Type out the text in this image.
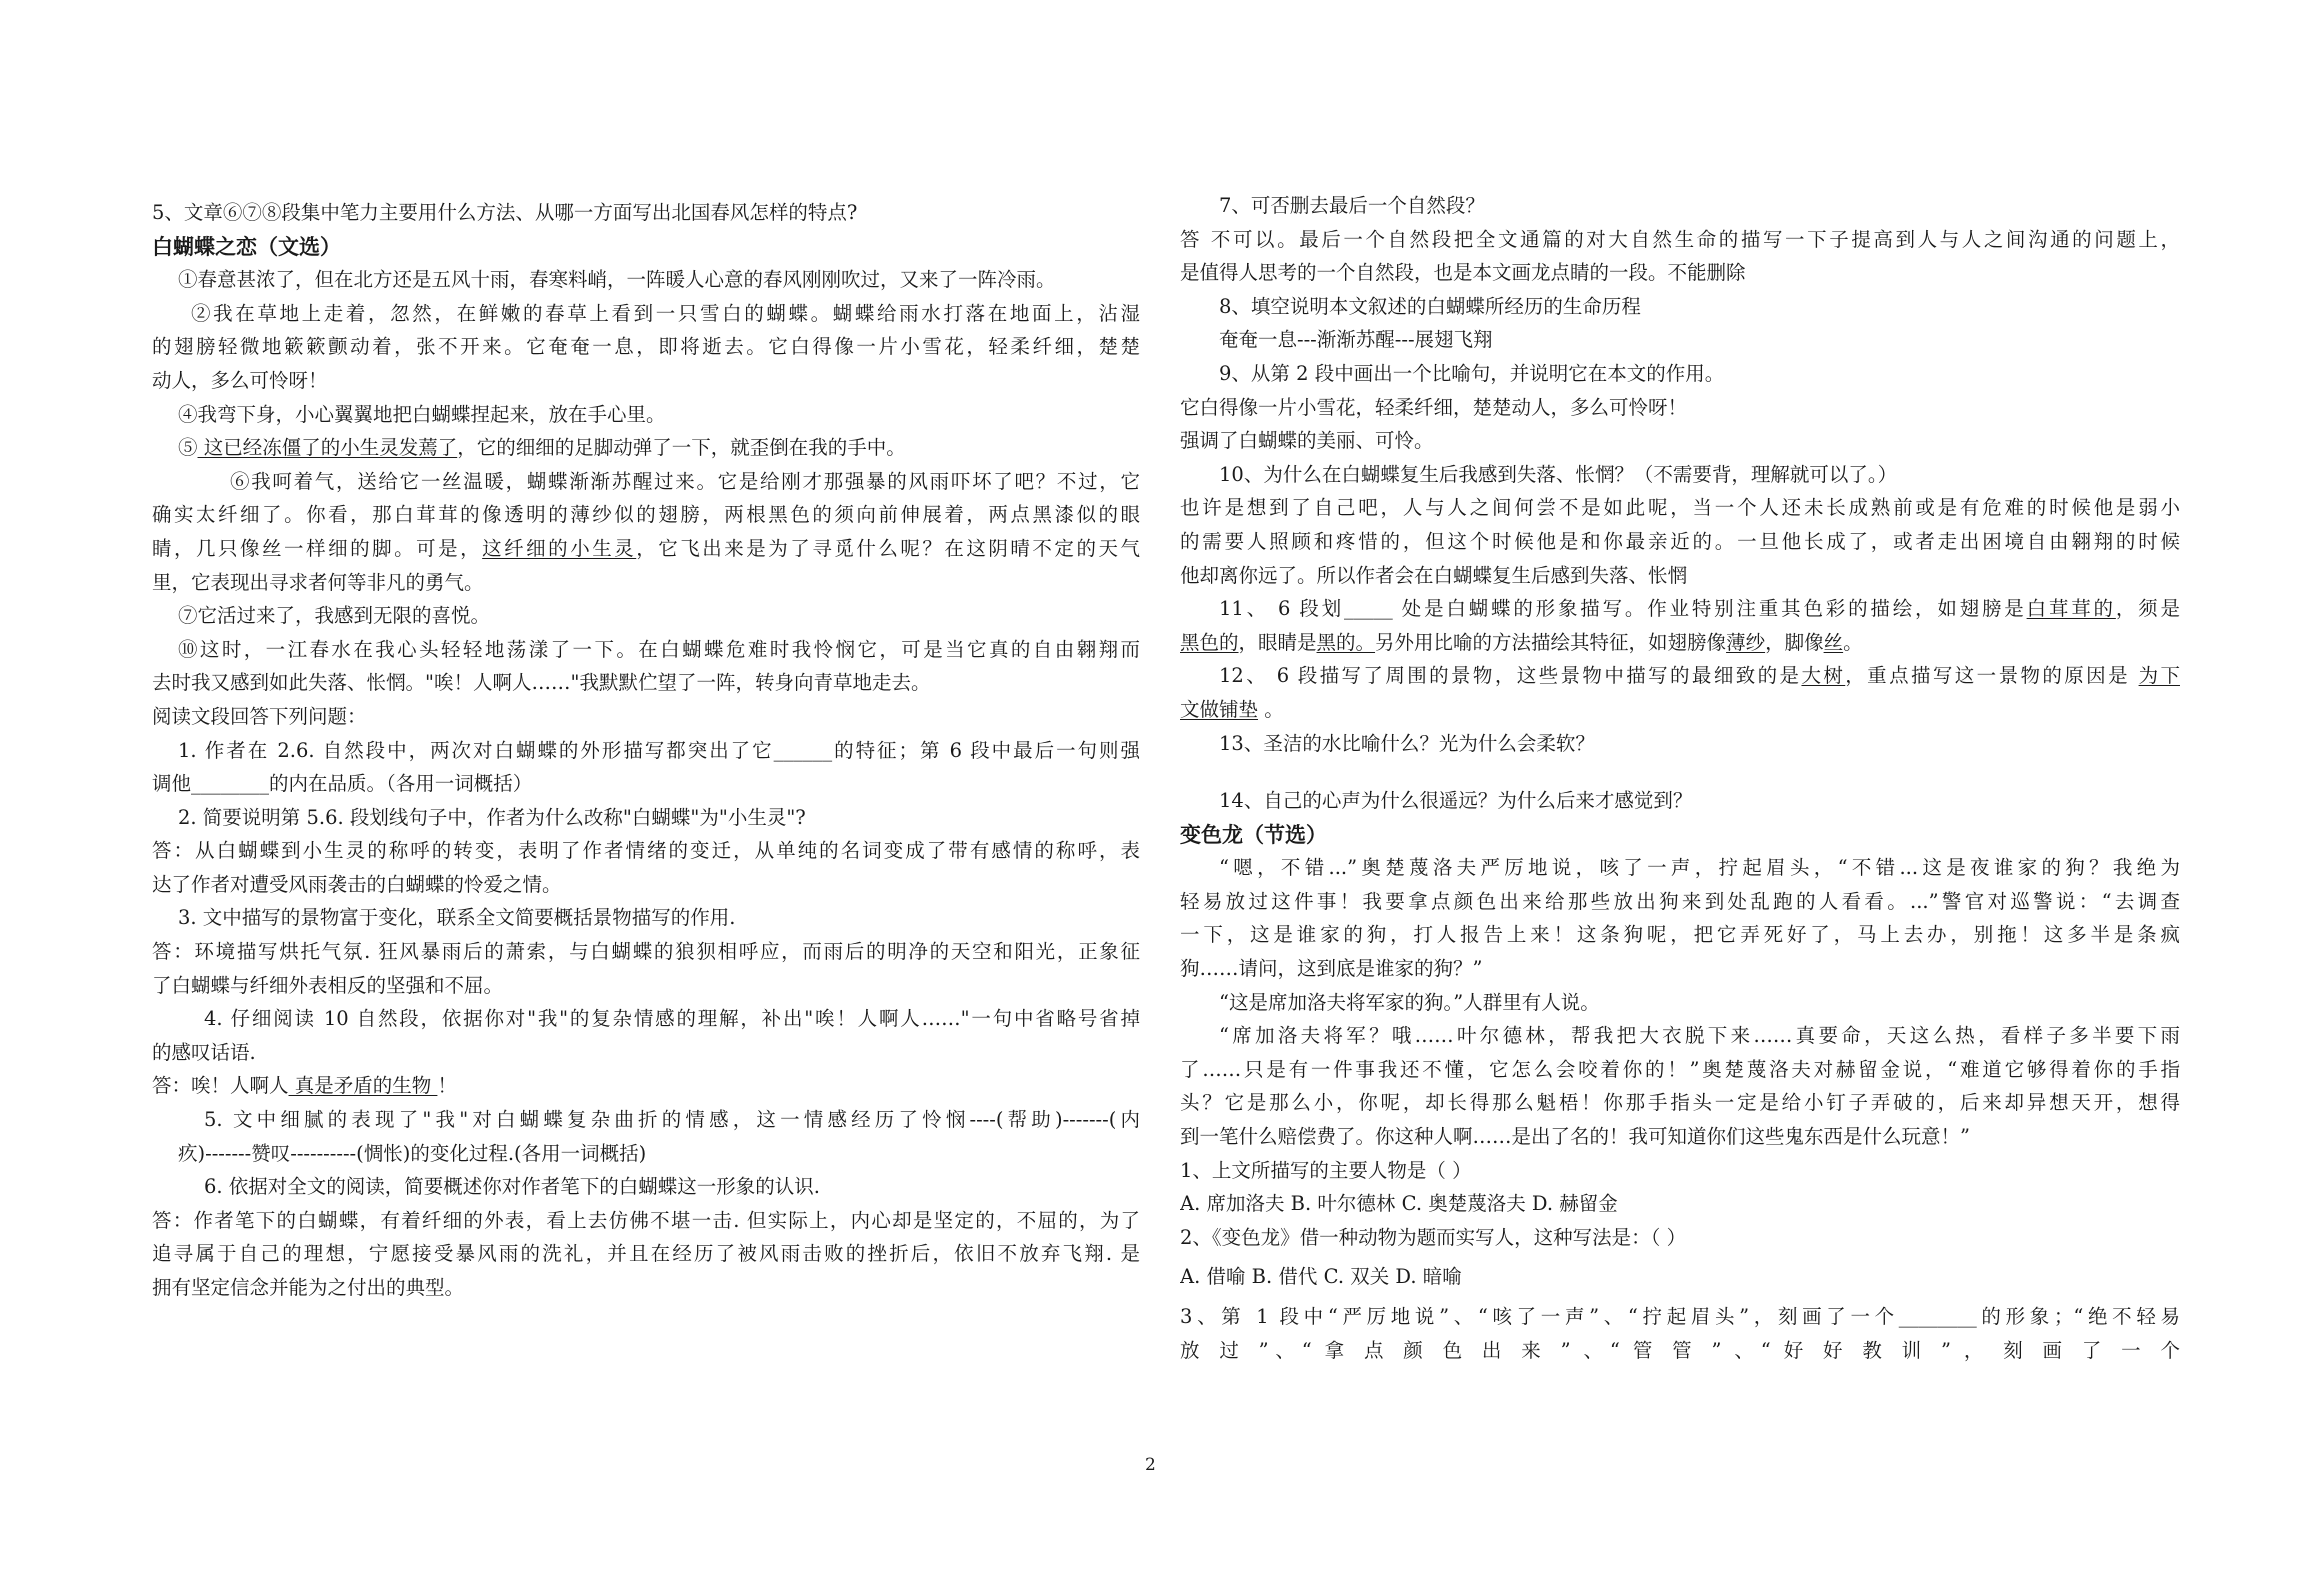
5、文章⑥⑦⑧段集中笔力主要用什么方法、从哪一方面写出北国春风怎样的特点?
白蝴蝶之恋（文选）
①春意甚浓了，但在北方还是五风十雨，春寒料峭，一阵暖人心意的春风刚刚吹过，又来了一阵冷雨。
②我在草地上走着，忽然，在鲜嫩的春草上看到一只雪白的蝴蝶。蝴蝶给雨水打落在地面上，沾湿
的翅膀轻微地簌簌颤动着，张不开来。它奄奄一息，即将逝去。它白得像一片小雪花，轻柔纤细，楚楚
动人，多么可怜呀！
④我弯下身，小心翼翼地把白蝴蝶捏起来，放在手心里。
⑤ 这已经冻僵了的小生灵发蔫了，它的细细的足脚动弹了一下，就歪倒在我的手中。
⑥我呵着气，送给它一丝温暖，蝴蝶渐渐苏醒过来。它是给刚才那强暴的风雨吓坏了吧？不过，它
确实太纤细了。你看，那白茸茸的像透明的薄纱似的翅膀，两根黑色的须向前伸展着，两点黑漆似的眼
睛，几只像丝一样细的脚。可是，这纤细的小生灵，它飞出来是为了寻觅什么呢？在这阴晴不定的天气
里，它表现出寻求者何等非凡的勇气。
⑦它活过来了，我感到无限的喜悦。
⑩这时，一江春水在我心头轻轻地荡漾了一下。在白蝴蝶危难时我怜悯它，可是当它真的自由翱翔而
去时我又感到如此失落、怅惘。"唉！人啊人……"我默默伫望了一阵，转身向青草地走去。
阅读文段回答下列问题：
1. 作者在 2.6. 自然段中，两次对白蝴蝶的外形描写都突出了它______的特征；第 6 段中最后一句则强
调他________的内在品质。（各用一词概括）
2. 简要说明第 5.6. 段划线句子中，作者为什么改称"白蝴蝶"为"小生灵"?
答：从白蝴蝶到小生灵的称呼的转变，表明了作者情绪的变迁，从单纯的名词变成了带有感情的称呼，表
达了作者对遭受风雨袭击的白蝴蝶的怜爱之情。
3. 文中描写的景物富于变化，联系全文简要概括景物描写的作用.
答：环境描写烘托气氛. 狂风暴雨后的萧索，与白蝴蝶的狼狈相呼应，而雨后的明净的天空和阳光，正象征
了白蝴蝶与纤细外表相反的坚强和不屈。
4. 仔细阅读 10 自然段，依据你对"我"的复杂情感的理解，补出"唉！人啊人……"一句中省略号省掉
的感叹话语.
答：唉！人啊人 真是矛盾的生物 ！
5. 文中细腻的表现了"我"对白蝴蝶复杂曲折的情感，这一情感经历了怜悯----(帮助)-------(内
疚)-------赞叹----------(惆怅)的变化过程.(各用一词概括)
6. 依据对全文的阅读，简要概述你对作者笔下的白蝴蝶这一形象的认识.
答：作者笔下的白蝴蝶，有着纤细的外表，看上去仿佛不堪一击. 但实际上，内心却是坚定的，不屈的，为了
追寻属于自己的理想，宁愿接受暴风雨的洗礼，并且在经历了被风雨击败的挫折后，依旧不放弃飞翔. 是
拥有坚定信念并能为之付出的典型。
7、可否删去最后一个自然段？
答 不可以。最后一个自然段把全文通篇的对大自然生命的描写一下子提高到人与人之间沟通的问题上，
是值得人思考的一个自然段，也是本文画龙点睛的一段。不能删除
8、填空说明本文叙述的白蝴蝶所经历的生命历程
奄奄一息---渐渐苏醒---展翅飞翔
9、从第 2 段中画出一个比喻句，并说明它在本文的作用。
它白得像一片小雪花，轻柔纤细，楚楚动人，多么可怜呀！
强调了白蝴蝶的美丽、可怜。
10、为什么在白蝴蝶复生后我感到失落、怅惘？（不需要背，理解就可以了。）
也许是想到了自己吧，人与人之间何尝不是如此呢，当一个人还未长成熟前或是有危难的时候他是弱小
的需要人照顾和疼惜的，但这个时候他是和你最亲近的。一旦他长成了，或者走出困境自由翱翔的时候
他却离你远了。所以作者会在白蝴蝶复生后感到失落、怅惘
11、 6 段划_____ 处是白蝴蝶的形象描写。作业特别注重其色彩的描绘，如翅膀是白茸茸的，须是
黑色的，眼睛是黑的。另外用比喻的方法描绘其特征，如翅膀像薄纱，脚像丝。
12、 6 段描写了周围的景物，这些景物中描写的最细致的是大树，重点描写这一景物的原因是 为下
文做铺垫 。
13、圣洁的水比喻什么？光为什么会柔软？
14、自己的心声为什么很遥远？为什么后来才感觉到？
变色龙（节选）
“嗯，不错...”奥楚蔑洛夫严厉地说，咳了一声，拧起眉头，“不错...这是夜谁家的狗？我绝为
轻易放过这件事！我要拿点颜色出来给那些放出狗来到处乱跑的人看看。...”警官对巡警说：“去调查
一下，这是谁家的狗，打人报告上来！这条狗呢，把它弄死好了，马上去办，别拖！这多半是条疯
狗……请问，这到底是谁家的狗？”
“这是席加洛夫将军家的狗。”人群里有人说。
“席加洛夫将军？哦……叶尔德林，帮我把大衣脱下来……真要命，天这么热，看样子多半要下雨
了……只是有一件事我还不懂，它怎么会咬着你的！”奥楚蔑洛夫对赫留金说，“难道它够得着你的手指
头？它是那么小，你呢，却长得那么魁梧！你那手指头一定是给小钉子弄破的，后来却异想天开，想得
到一笔什么赔偿费了。你这种人啊……是出了名的！我可知道你们这些鬼东西是什么玩意！”
1、上文所描写的主要人物是（ ）
A. 席加洛夫 B. 叶尔德林 C. 奥楚蔑洛夫 D. 赫留金
2、《变色龙》借一种动物为题而实写人，这种写法是：（ ）
A. 借喻 B. 借代 C. 双关 D. 暗喻
3、第 1 段中“严厉地说”、“咳了一声”、“拧起眉头”，刻画了一个________的形象；“绝不轻易
放 过 ”、“ 拿 点 颜 色 出 来 ” 、“ 管 管 ” 、“ 好 好 教 训 ” ， 刻 画 了 一 个
2
